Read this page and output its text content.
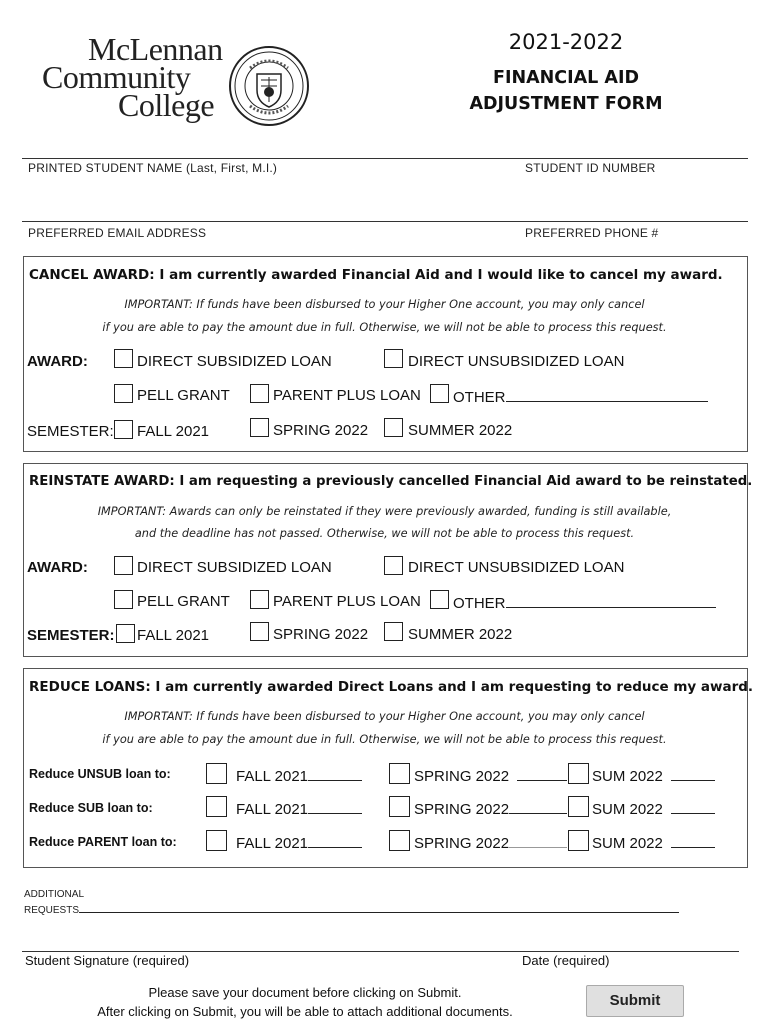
McLennan
Community
College
2021-2022
FINANCIAL AID
ADJUSTMENT FORM
PRINTED STUDENT NAME (Last, First, M.I.)	STUDENT ID NUMBER
PREFERRED EMAIL ADDRESS	PREFERRED PHONE #
CANCEL AWARD: I am currently awarded Financial Aid and I would like to cancel my award.
IMPORTANT: If funds have been disbursed to your Higher One account, you may only cancel
if you are able to pay the amount due in full. Otherwise, we will not be able to process this request.
AWARD:	DIRECT SUBSIDIZED LOAN	DIRECT UNSUBSIDIZED LOAN
PELL GRANT	PARENT PLUS LOAN OTHER
SEMESTER: FALL 2021	SPRING 2022	SUMMER 2022
REINSTATE AWARD: I am requesting a previously cancelled Financial Aid award to be reinstated.
IMPORTANT: Awards can only be reinstated if they were previously awarded, funding is still available,
and the deadline has not passed. Otherwise, we will not be able to process this request.
AWARD:	DIRECT SUBSIDIZED LOAN	DIRECT UNSUBSIDIZED LOAN
PELL GRANT	PARENT PLUS LOAN OTHER
SEMESTER: FALL 2021	SPRING 2022	SUMMER 2022
REDUCE LOANS: I am currently awarded Direct Loans and I am requesting to reduce my award.
IMPORTANT: If funds have been disbursed to your Higher One account, you may only cancel
if you are able to pay the amount due in full. Otherwise, we will not be able to process this request.
Reduce UNSUB loan to:	FALL 2021	SPRING 2022	SUM 2022
Reduce SUB loan to:	FALL 2021	SPRING 2022	SUM 2022
Reduce PARENT loan to:	FALL 2021	SPRING 2022	SUM 2022
ADDITIONAL
REQUESTS
Student Signature (required)	Date (required)
Please save your document before clicking on Submit.
After clicking on Submit, you will be able to attach additional documents.
Submit
